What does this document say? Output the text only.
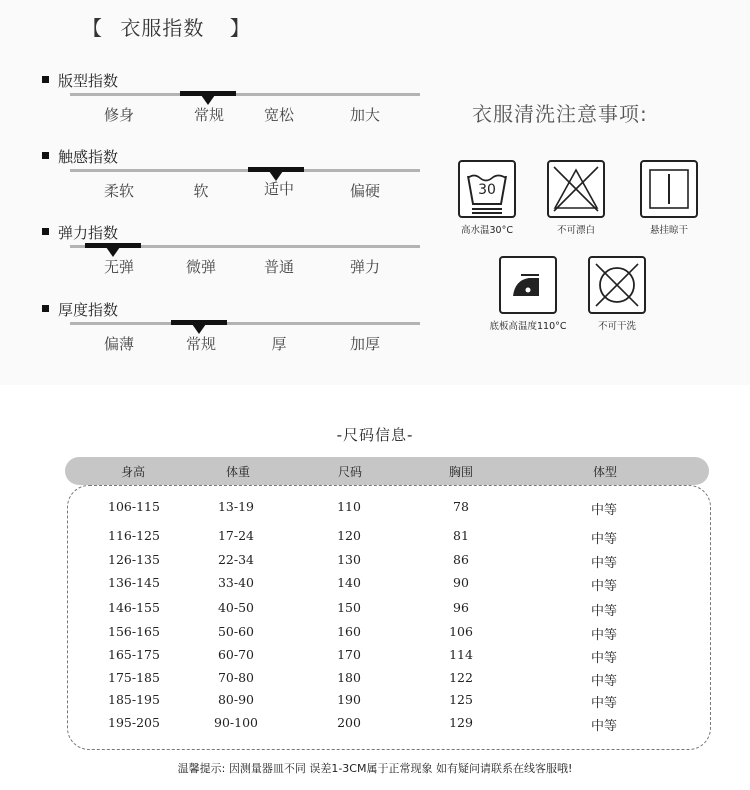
【 衣服指数 】
版型指数
修身	常规	宽松	加大
触感指数
柔软	软	适中	偏硬
弹力指数
无弹	微弹	普通	弹力
厚度指数
偏薄	常规	厚	加厚
衣服清洗注意事项:
30
高水温30°C	不可漂白	悬挂晾干
底板高温度110°C	不可干洗
-尺码信息-
身高	体重	尺码	胸围	体型
106-115	13-19	110	78	中等
116-125	17-24	120	81	中等
126-135	22-34	130	86	中等
136-145	33-40	140	90	中等
146-155	40-50	150	96	中等
156-165	50-60	160	106	中等
165-175	60-70	170	114	中等
175-185	70-80	180	122	中等
185-195	80-90	190	125	中等
195-205	90-100	200	129	中等
温馨提示: 因测量器皿不同 误差1-3CM属于正常现象 如有疑问请联系在线客服哦!
